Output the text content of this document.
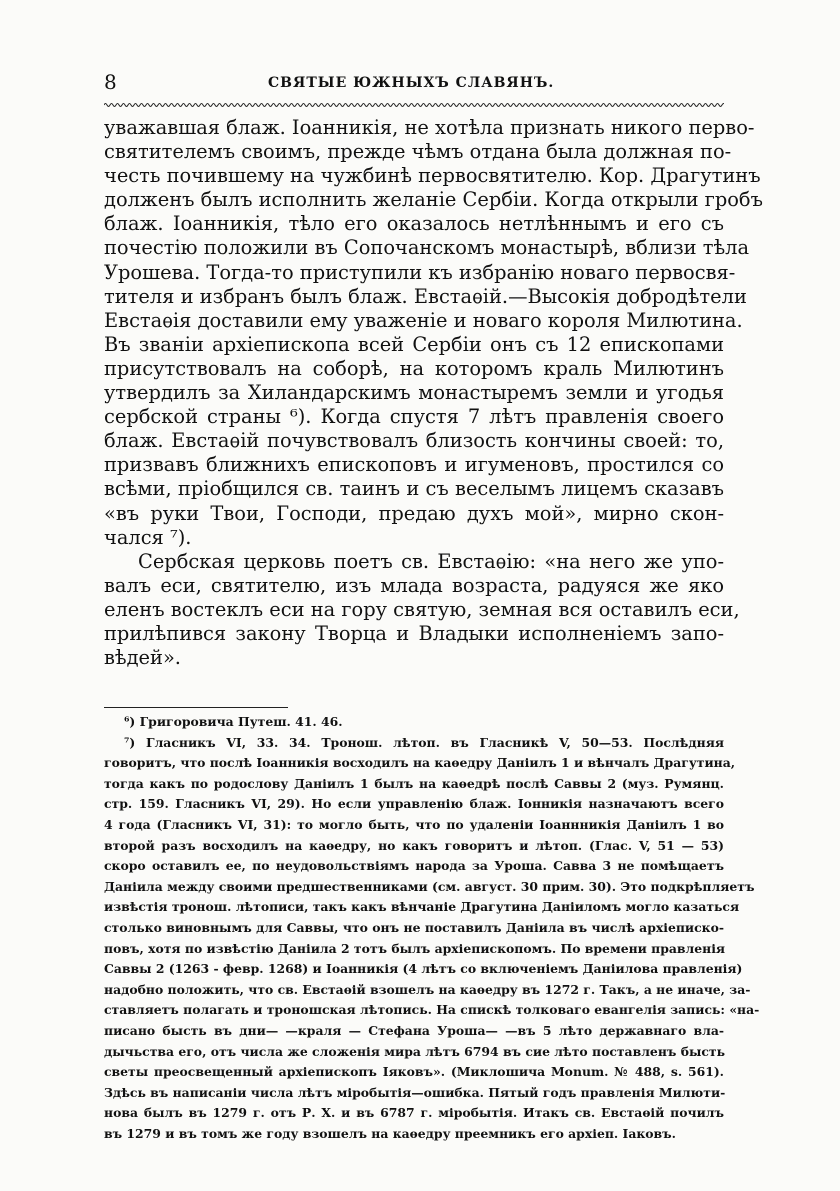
8	СВЯТЫЕ ЮЖНЫХЪ СЛАВЯНЪ.

уважавшая блаж. Іоанникія, не хотѣла признать никого перво-

святителемъ своимъ, прежде чѣмъ отдана была должная по-

честь почившему на чужбинѣ первосвятителю. Кор. Драгутинъ

долженъ былъ исполнить желаніе Сербіи. Когда открыли гробъ

блаж. Іоанникія, тѣло его оказалось нетлѣннымъ и его съ

почестію положили въ Сопочанскомъ монастырѣ, вблизи тѣла

Урошева. Тогда-то приступили къ избранію новаго первосвя-

тителя и избранъ былъ блаж. Евстаѳій.—Высокія добродѣтели

Евстаѳія доставили ему уваженіе и новаго короля Милютина.

Въ званіи архіепископа всей Сербіи онъ съ 12 епископами

присутствовалъ на соборѣ, на которомъ краль Милютинъ

утвердилъ за Хиландарскимъ монастыремъ земли и угодья

сербской страны ⁶). Когда спустя 7 лѣтъ правленія своего

блаж. Евстаѳій почувствовалъ близость кончины своей: то,

призвавъ ближнихъ епископовъ и игуменовъ, простился со

всѣми, пріобщился св. таинъ и съ веселымъ лицемъ сказавъ

«въ руки Твои, Господи, предаю духъ мой», мирно скон-

чался ⁷).

Сербская церковь поетъ св. Евстаѳію: «на него же упо-

валъ еси, святителю, изъ млада возраста, радуяся же яко

еленъ востеклъ еси на гору святую, земная вся оставилъ еси,

прилѣпився закону Творца и Владыки исполненіемъ запо-

вѣдей».

⁶) Григоровича Путеш. 41. 46.

⁷) Гласникъ VI, 33. 34. Тронош. лѣтоп. въ Гласникѣ V, 50—53. Послѣдняя

говоритъ, что послѣ Іоанникія восходилъ на каѳедру Даніилъ 1 и вѣнчалъ Драгутина,

тогда какъ по родослову Даніилъ 1 былъ на каѳедрѣ послѣ Саввы 2 (муз. Румянц.

стр. 159. Гласникъ VI, 29). Но если управленію блаж. Іонникія назначаютъ всего

4 года (Гласникъ VI, 31): то могло быть, что по удаленіи Іоаннникія Даніилъ 1 во

второй разъ восходилъ на каѳедру, но какъ говоритъ и лѣтоп. (Глас. V, 51 — 53)

скоро оставилъ ее, по неудовольствіямъ народа за Уроша. Савва 3 не помѣщаетъ

Даніила между своими предшественниками (см. август. 30 прим. 30). Это подкрѣпляетъ

извѣстія тронош. лѣтописи, такъ какъ вѣнчаніе Драгутина Даніиломъ могло казаться

столько виновнымъ для Саввы, что онъ не поставилъ Даніила въ числѣ архіеписко-

повъ, хотя по извѣстію Даніила 2 тотъ былъ архіепископомъ. По времени правленія

Саввы 2 (1263 - февр. 1268) и Іоанникія (4 лѣтъ со включеніемъ Даніилова правленія)

надобно положить, что св. Евстаѳій взошелъ на каѳедру въ 1272 г. Такъ, а не иначе, за-

ставляетъ полагать и троношская лѣтопись. На спискѣ толковаго евангелія запись: «на-

писано бысть въ дни— —краля — Стефана Уроша— —въ 5 лѣто державнаго вла-

дычьства его, отъ числа же сложенія мира лѣтъ 6794 въ сие лѣто поставленъ бысть

светы преосвещенный архіепископъ Іяковъ». (Миклошича Monum. № 488, s. 561).

Здѣсь въ написаніи числа лѣтъ міробытія—ошибка. Пятый годъ правленія Милюти-

нова былъ въ 1279 г. отъ Р. Х. и въ 6787 г. міробытія. Итакъ св. Евстаѳій почилъ

въ 1279 и въ томъ же году взошелъ на каѳедру преемникъ его архіеп. Іаковъ.
